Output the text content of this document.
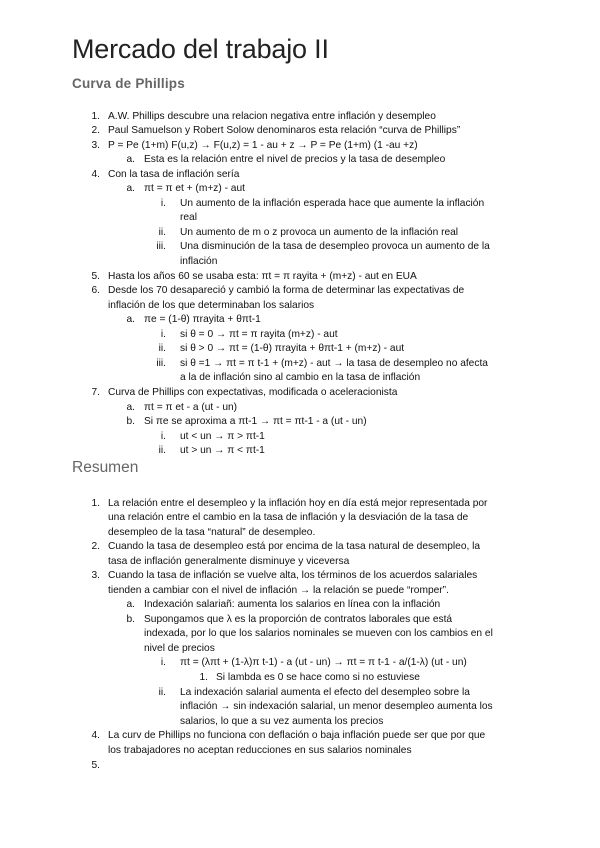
Mercado del trabajo II
Curva de Phillips
1. A.W. Phillips descubre una relacion negativa entre inflación y desempleo
2. Paul Samuelson y Robert Solow denominaros esta relación “curva de Phillips”
3. P = Pe (1+m) F(u,z) → F(u,z) = 1 - au + z → P = Pe (1+m) (1 -au +z)
a. Esta es la relación entre el nivel de precios y la tasa de desempleo
4. Con la tasa de inflación sería
a. πt = π et + (m+z) - aut
i. Un aumento de la inflación esperada hace que aumente la inflación
real
ii. Un aumento de m o z provoca un aumento de la inflación real
iii. Una disminución de la tasa de desempleo provoca un aumento de la
inflación
5. Hasta los años 60 se usaba esta: πt = π rayita + (m+z) - aut en EUA
6. Desde los 70 desapareció y cambió la forma de determinar las expectativas de
inflación de los que determinaban los salarios
a. πe = (1-θ) πrayita + θπt-1
i. si θ = 0 → πt = π rayita (m+z) - aut
ii. si θ > 0 → πt = (1-θ) πrayita + θπt-1 + (m+z) - aut
iii. si θ =1 → πt = π t-1 + (m+z) - aut → la tasa de desempleo no afecta
a la de inflación sino al cambio en la tasa de inflación
7. Curva de Phillips con expectativas, modificada o aceleracionista
a. πt = π et - a (ut - un)
b. Si πe se aproxima a πt-1 → πt = πt-1 - a (ut - un)
i. ut < un → π > πt-1
ii. ut > un → π < πt-1
Resumen
1. La relación entre el desempleo y la inflación hoy en día está mejor representada por
una relación entre el cambio en la tasa de inflación y la desviación de la tasa de
desempleo de la tasa “natural” de desempleo.
2. Cuando la tasa de desempleo está por encima de la tasa natural de desempleo, la
tasa de inflación generalmente disminuye y viceversa
3. Cuando la tasa de inflación se vuelve alta, los términos de los acuerdos salariales
tienden a cambiar con el nivel de inflación → la relación se puede “romper”.
a. Indexación salariañ: aumenta los salarios en línea con la inflación
b. Supongamos que λ es la proporción de contratos laborales que está
indexada, por lo que los salarios nominales se mueven con los cambios en el
nivel de precios
i. πt = (λπt + (1-λ)π t-1) - a (ut - un) → πt = π t-1 - a/(1-λ) (ut - un)
1. Si lambda es 0 se hace como si no estuviese
ii. La indexación salarial aumenta el efecto del desempleo sobre la
inflación → sin indexación salarial, un menor desempleo aumenta los
salarios, lo que a su vez aumenta los precios
4. La curv de Phillips no funciona con deflación o baja inflación puede ser que por que
los trabajadores no aceptan reducciones en sus salarios nominales
5.
